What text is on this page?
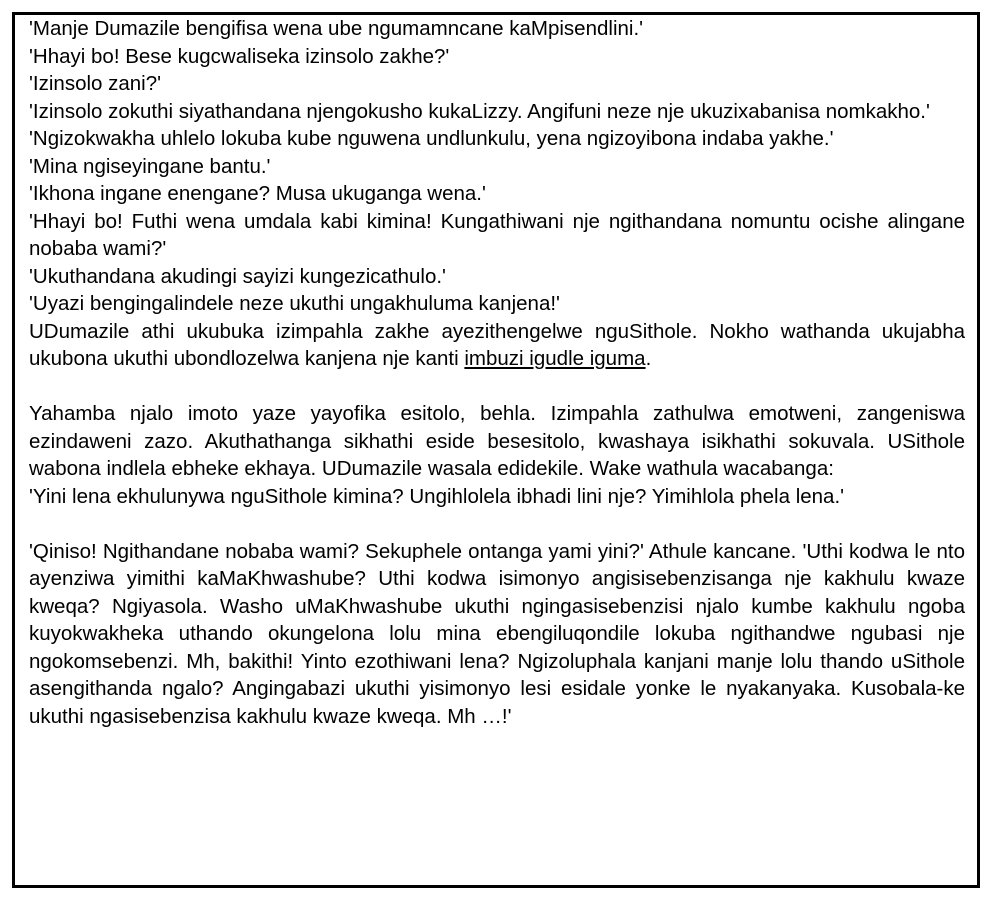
'Manje Dumazile bengifisa wena ube ngumamncane kaMpisendlini.'

'Hhayi bo! Bese kugcwaliseka izinsolo zakhe?'

'Izinsolo zani?'

'Izinsolo zokuthi siyathandana njengokusho kukaLizzy. Angifuni neze nje ukuzixabanisa nomkakho.'

'Ngizokwakha uhlelo lokuba kube nguwena undlunkulu, yena ngizoyibona indaba yakhe.'

'Mina ngiseyingane bantu.'

'Ikhona ingane enengane? Musa ukuganga wena.'

'Hhayi bo! Futhi wena umdala kabi kimina! Kungathiwani nje ngithandana nomuntu ocishe alingane nobaba wami?'

'Ukuthandana akudingi sayizi kungezicathulo.'

'Uyazi bengingalindele neze ukuthi ungakhuluma kanjena!'

UDumazile athi ukubuka izimpahla zakhe ayezithengelwe nguSithole. Nokho wathanda ukujabha ukubona ukuthi ubondlozelwa kanjena nje kanti imbuzi igudle iguma.

Yahamba njalo imoto yaze yayofika esitolo, behla. Izimpahla zathulwa emotweni, zangeniswa ezindaweni zazo. Akuthathanga sikhathi eside besesitolo, kwashaya isikhathi sokuvala. USithole wabona indlela ebheke ekhaya. UDumazile wasala edidekile. Wake wathula wacabanga:

'Yini lena ekhulunywa nguSithole kimina? Ungihlolela ibhadi lini nje? Yimihlola phela lena.'

'Qiniso! Ngithandane nobaba wami? Sekuphele ontanga yami yini?' Athule kancane. 'Uthi kodwa le nto ayenziwa yimithi kaMaKhwashube? Uthi kodwa isimonyo angisisebenzisanga nje kakhulu kwaze kweqa? Ngiyasola. Washo uMaKhwashube ukuthi ngingasisebenzisi njalo kumbe kakhulu ngoba kuyokwakheka uthando okungelona lolu mina ebengiluqondile lokuba ngithandwe ngubasi nje ngokomsebenzi. Mh, bakithi! Yinto ezothiwani lena? Ngizoluphala kanjani manje lolu thando uSithole asengithanda ngalo? Angingabazi ukuthi yisimonyo lesi esidale yonke le nyakanyaka. Kusobala-ke ukuthi ngasisebenzisa kakhulu kwaze kweqa. Mh …!'
